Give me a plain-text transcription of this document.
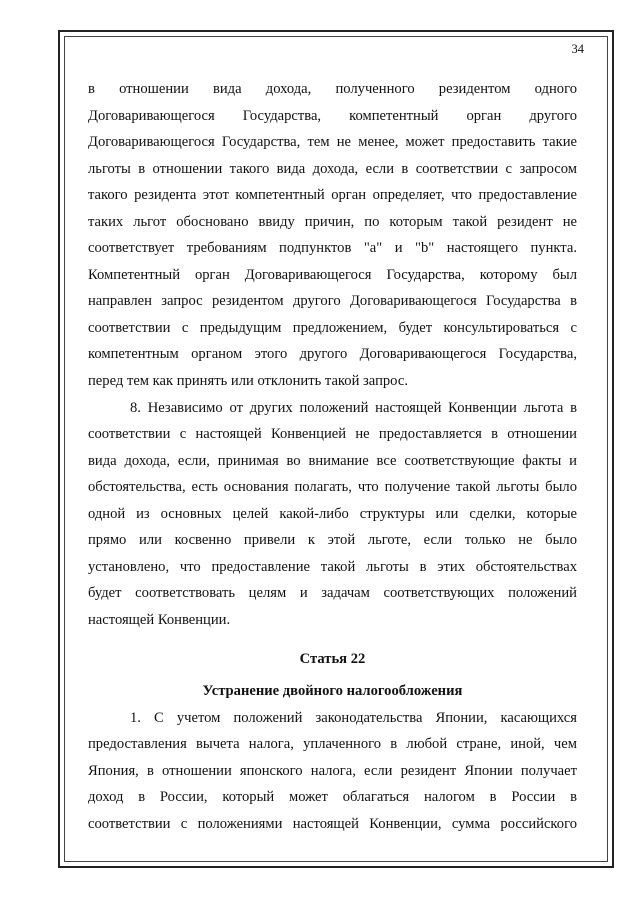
34
в отношении вида дохода, полученного резидентом одного
Договаривающегося Государства, компетентный орган другого
Договаривающегося Государства, тем не менее, может предоставить такие
льготы в отношении такого вида дохода, если в соответствии с запросом
такого резидента этот компетентный орган определяет, что предоставление
таких льгот обосновано ввиду причин, по которым такой резидент не
соответствует требованиям подпунктов "a" и "b" настоящего пункта.
Компетентный орган Договаривающегося Государства, которому был
направлен запрос резидентом другого Договаривающегося Государства в
соответствии с предыдущим предложением, будет консультироваться с
компетентным органом этого другого Договаривающегося Государства,
перед тем как принять или отклонить такой запрос.
8. Независимо от других положений настоящей Конвенции льгота в
соответствии с настоящей Конвенцией не предоставляется в отношении
вида дохода, если, принимая во внимание все соответствующие факты и
обстоятельства, есть основания полагать, что получение такой льготы было
одной из основных целей какой-либо структуры или сделки, которые
прямо или косвенно привели к этой льготе, если только не было
установлено, что предоставление такой льготы в этих обстоятельствах
будет соответствовать целям и задачам соответствующих положений
настоящей Конвенции.
Статья 22
Устранение двойного налогообложения
1. С учетом положений законодательства Японии, касающихся
предоставления вычета налога, уплаченного в любой стране, иной, чем
Япония, в отношении японского налога, если резидент Японии получает
доход в России, который может облагаться налогом в России в
соответствии с положениями настоящей Конвенции, сумма российского
